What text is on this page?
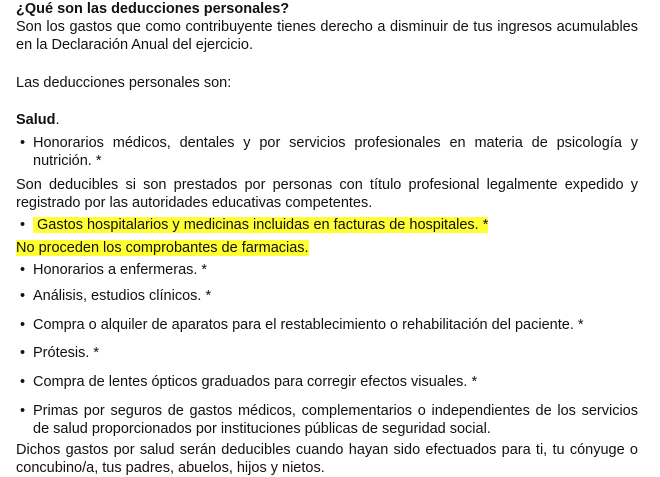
¿Qué son las deducciones personales?

Son los gastos que como contribuyente tienes derecho a disminuir de tus ingresos acumulables en la Declaración Anual del ejercicio.

Las deducciones personales son:

Salud.

• Honorarios médicos, dentales y por servicios profesionales en materia de psicología y nutrición. *

Son deducibles si son prestados por personas con título profesional legalmente expedido y registrado por las autoridades educativas competentes.

• Gastos hospitalarios y medicinas incluidas en facturas de hospitales. *

No proceden los comprobantes de farmacias.

• Honorarios a enfermeras. *
• Análisis, estudios clínicos. *
• Compra o alquiler de aparatos para el restablecimiento o rehabilitación del paciente. *
• Prótesis. *
• Compra de lentes ópticos graduados para corregir efectos visuales. *
• Primas por seguros de gastos médicos, complementarios o independientes de los servicios de salud proporcionados por instituciones públicas de seguridad social.

Dichos gastos por salud serán deducibles cuando hayan sido efectuados para ti, tu cónyuge o concubino/a, tus padres, abuelos, hijos y nietos.
